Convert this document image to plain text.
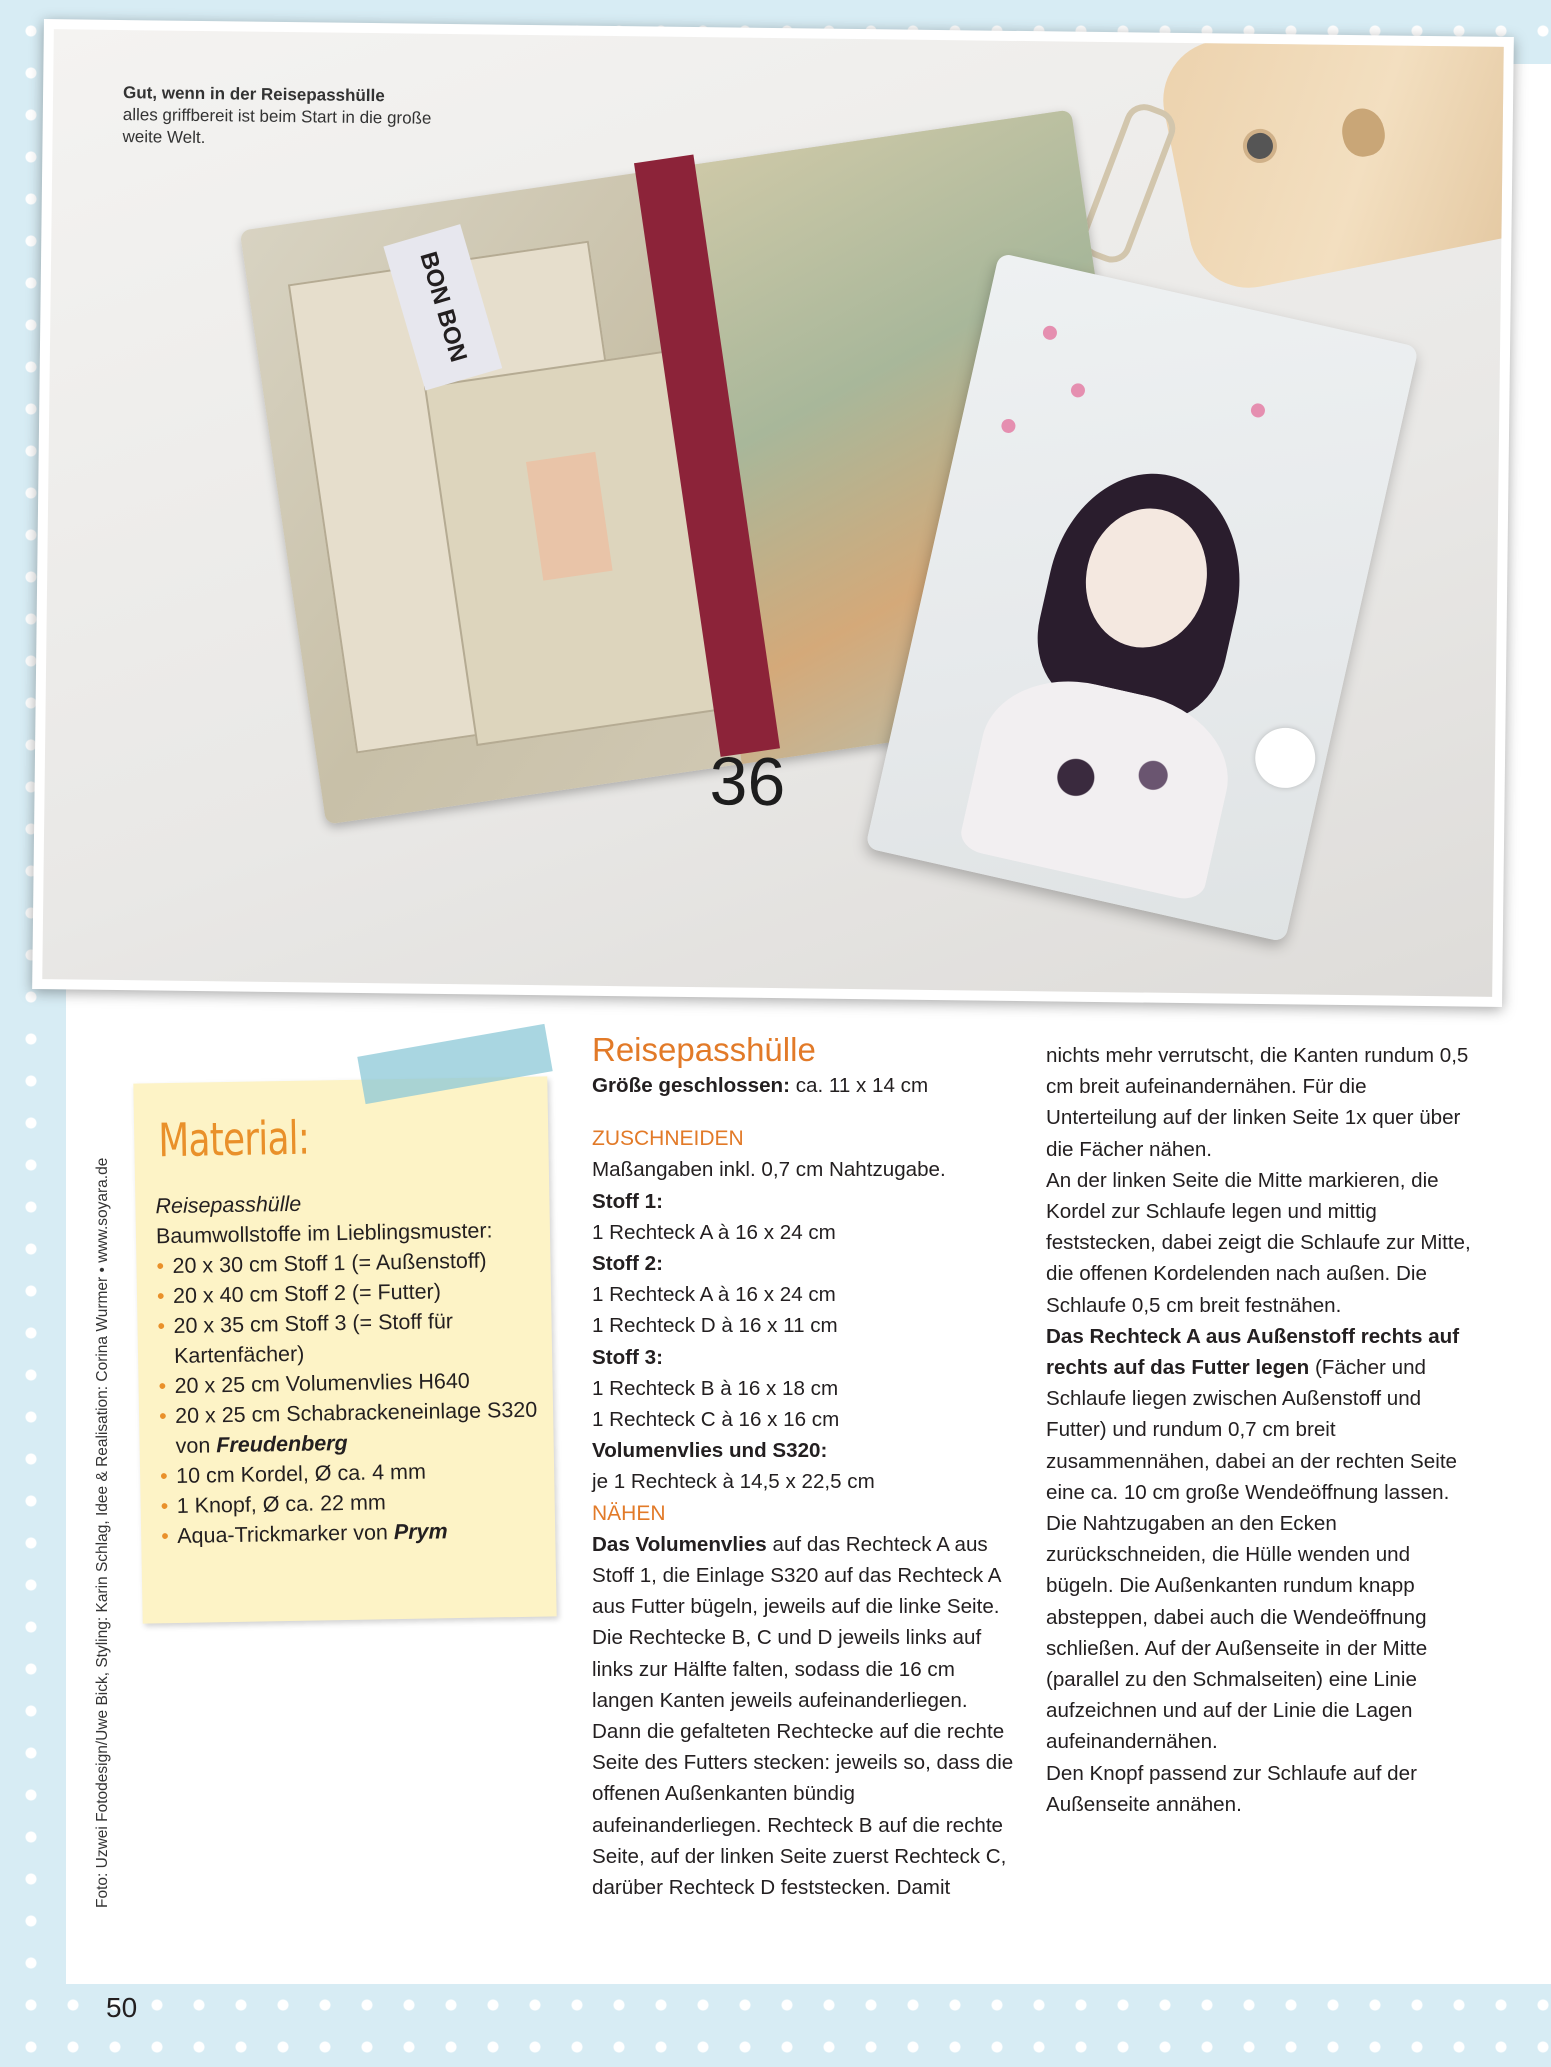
BON BON
Gut, wenn in der Reisepasshülle
alles griffbereit ist beim Start in die große weite Welt.
36
Foto: Uzwei Fotodesign/Uwe Bick, Styling: Karin Schlag, Idee & Realisation: Corina Wurmer • www.soyara.de
Material:
Reisepasshülle
Baumwollstoffe im Lieblingsmuster:
• 20 x 30 cm Stoff 1 (= Außenstoff)
• 20 x 40 cm Stoff 2 (= Futter)
• 20 x 35 cm Stoff 3 (= Stoff für Kartenfächer)
• 20 x 25 cm Volumenvlies H640
• 20 x 25 cm Schabrackeneinlage S320 von Freudenberg
• 10 cm Kordel, Ø ca. 4 mm
• 1 Knopf, Ø ca. 22 mm
• Aqua-Trickmarker von Prym

Reisepasshülle

Größe geschlossen: ca. 11 x 14 cm

ZUSCHNEIDEN

Maßangaben inkl. 0,7 cm Nahtzugabe.

Stoff 1:

1 Rechteck A à 16 x 24 cm

Stoff 2:

1 Rechteck A à 16 x 24 cm

1 Rechteck D à 16 x 11 cm

Stoff 3:

1 Rechteck B à 16 x 18 cm

1 Rechteck C à 16 x 16 cm

Volumenvlies und S320:

je 1 Rechteck à 14,5 x 22,5 cm

NÄHEN

Das Volumenvlies auf das Rechteck A aus Stoff 1, die Einlage S320 auf das Rechteck A aus Futter bügeln, jeweils auf die linke Seite. Die Rechtecke B, C und D jeweils links auf links zur Hälfte falten, sodass die 16 cm langen Kanten jeweils aufeinanderliegen. Dann die gefalteten Rechtecke auf die rechte Seite des Futters stecken: jeweils so, dass die offenen Außenkanten bündig aufeinanderliegen. Rechteck B auf die rechte Seite, auf der linken Seite zuerst Rechteck C, darüber Rechteck D feststecken. Damit

nichts mehr verrutscht, die Kanten rundum 0,5 cm breit aufeinandernähen. Für die Unterteilung auf der linken Seite 1x quer über die Fächer nähen.

An der linken Seite die Mitte markieren, die Kordel zur Schlaufe legen und mittig feststecken, dabei zeigt die Schlaufe zur Mitte, die offenen Kordelenden nach außen. Die Schlaufe 0,5 cm breit festnähen.

Das Rechteck A aus Außenstoff rechts auf rechts auf das Futter legen (Fächer und Schlaufe liegen zwischen Außenstoff und Futter) und rundum 0,7 cm breit zusammennähen, dabei an der rechten Seite eine ca. 10 cm große Wendeöffnung lassen. Die Nahtzugaben an den Ecken zurückschneiden, die Hülle wenden und bügeln. Die Außenkanten rundum knapp absteppen, dabei auch die Wendeöffnung schließen. Auf der Außenseite in der Mitte (parallel zu den Schmalseiten) eine Linie aufzeichnen und auf der Linie die Lagen aufeinandernähen.

Den Knopf passend zur Schlaufe auf der Außenseite annähen.

50
